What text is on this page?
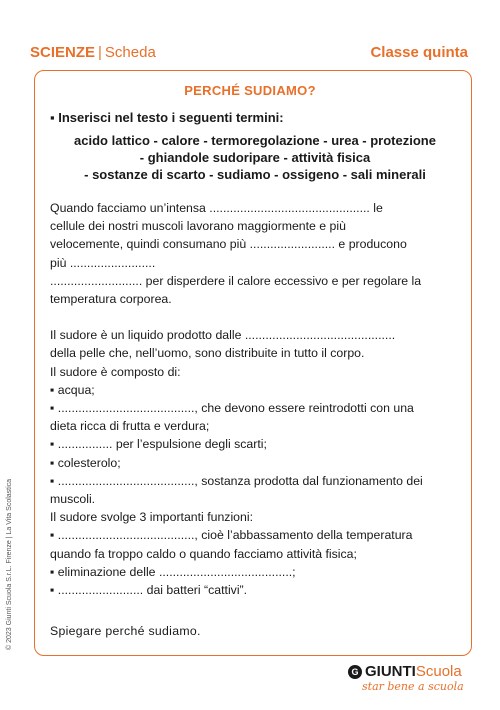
SCIENZE | Scheda	Classe quinta
PERCHÉ SUDIAMO?
▪ Inserisci nel testo i seguenti termini:
acido lattico - calore - termoregolazione - urea - protezione
- ghiandole sudoripare - attività fisica
- sostanze di scarto - sudiamo - ossigeno - sali minerali

Quando facciamo un’intensa ............................................... le

cellule dei nostri muscoli lavorano maggiormente e più

velocemente, quindi consumano più ......................... e producono

più .........................

........................... per disperdere il calore eccessivo e per regolare la

temperatura corporea.

Il sudore è un liquido prodotto dalle ............................................

della pelle che, nell’uomo, sono distribuite in tutto il corpo.

Il sudore è composto di:

▪ acqua;

▪ ........................................, che devono essere reintrodotti con una

dieta ricca di frutta e verdura;

▪ ................ per l’espulsione degli scarti;

▪ colesterolo;

▪ ........................................, sostanza prodotta dal funzionamento dei

muscoli.

Il sudore svolge 3 importanti funzioni:

▪ ........................................, cioè l’abbassamento della temperatura

quando fa troppo caldo o quando facciamo attività fisica;

▪ eliminazione delle .......................................;

▪ ......................... dai batteri “cattivi”.

Spiegare perché sudiamo.
© 2023 Giunti Scuola S.r.L. Firenze | La Vita Scolastica
G GIUNTI Scuola
star bene a scuola
